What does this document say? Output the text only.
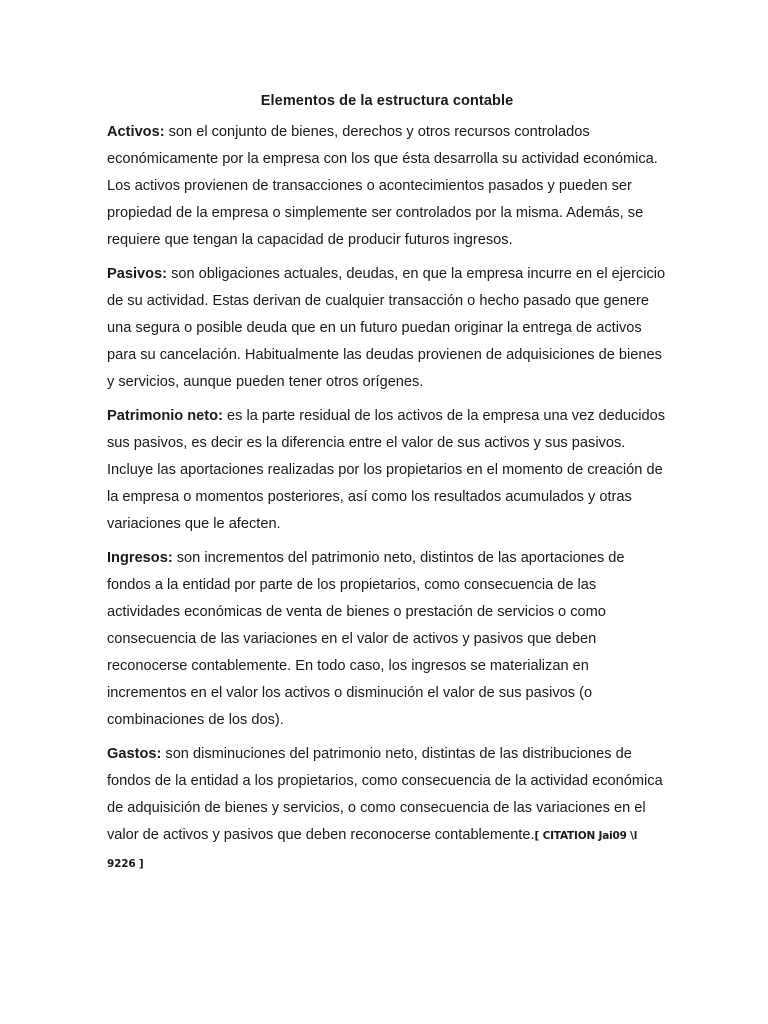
Elementos de la estructura contable

Activos: son el conjunto de bienes, derechos y otros recursos controlados económicamente por la empresa con los que ésta desarrolla su actividad económica. Los activos provienen de transacciones o acontecimientos pasados y pueden ser propiedad de la empresa o simplemente ser controlados por la misma. Además, se requiere que tengan la capacidad de producir futuros ingresos.

Pasivos: son obligaciones actuales, deudas, en que la empresa incurre en el ejercicio de su actividad. Estas derivan de cualquier transacción o hecho pasado que genere una segura o posible deuda que en un futuro puedan originar la entrega de activos para su cancelación. Habitualmente las deudas provienen de adquisiciones de bienes y servicios, aunque pueden tener otros orígenes.

Patrimonio neto: es la parte residual de los activos de la empresa una vez deducidos sus pasivos, es decir es la diferencia entre el valor de sus activos y sus pasivos. Incluye las aportaciones realizadas por los propietarios en el momento de creación de la empresa o momentos posteriores, así como los resultados acumulados y otras variaciones que le afecten.

Ingresos: son incrementos del patrimonio neto, distintos de las aportaciones de fondos a la entidad por parte de los propietarios, como consecuencia de las actividades económicas de venta de bienes o prestación de servicios o como consecuencia de las variaciones en el valor de activos y pasivos que deben reconocerse contablemente. En todo caso, los ingresos se materializan en incrementos en el valor los activos o disminución el valor de sus pasivos (o combinaciones de los dos).

Gastos: son disminuciones del patrimonio neto, distintas de las distribuciones de fondos de la entidad a los propietarios, como consecuencia de la actividad económica de adquisición de bienes y servicios, o como consecuencia de las variaciones en el valor de activos y pasivos que deben reconocerse contablemente.[ CITATION Jai09 \l 9226 ]
